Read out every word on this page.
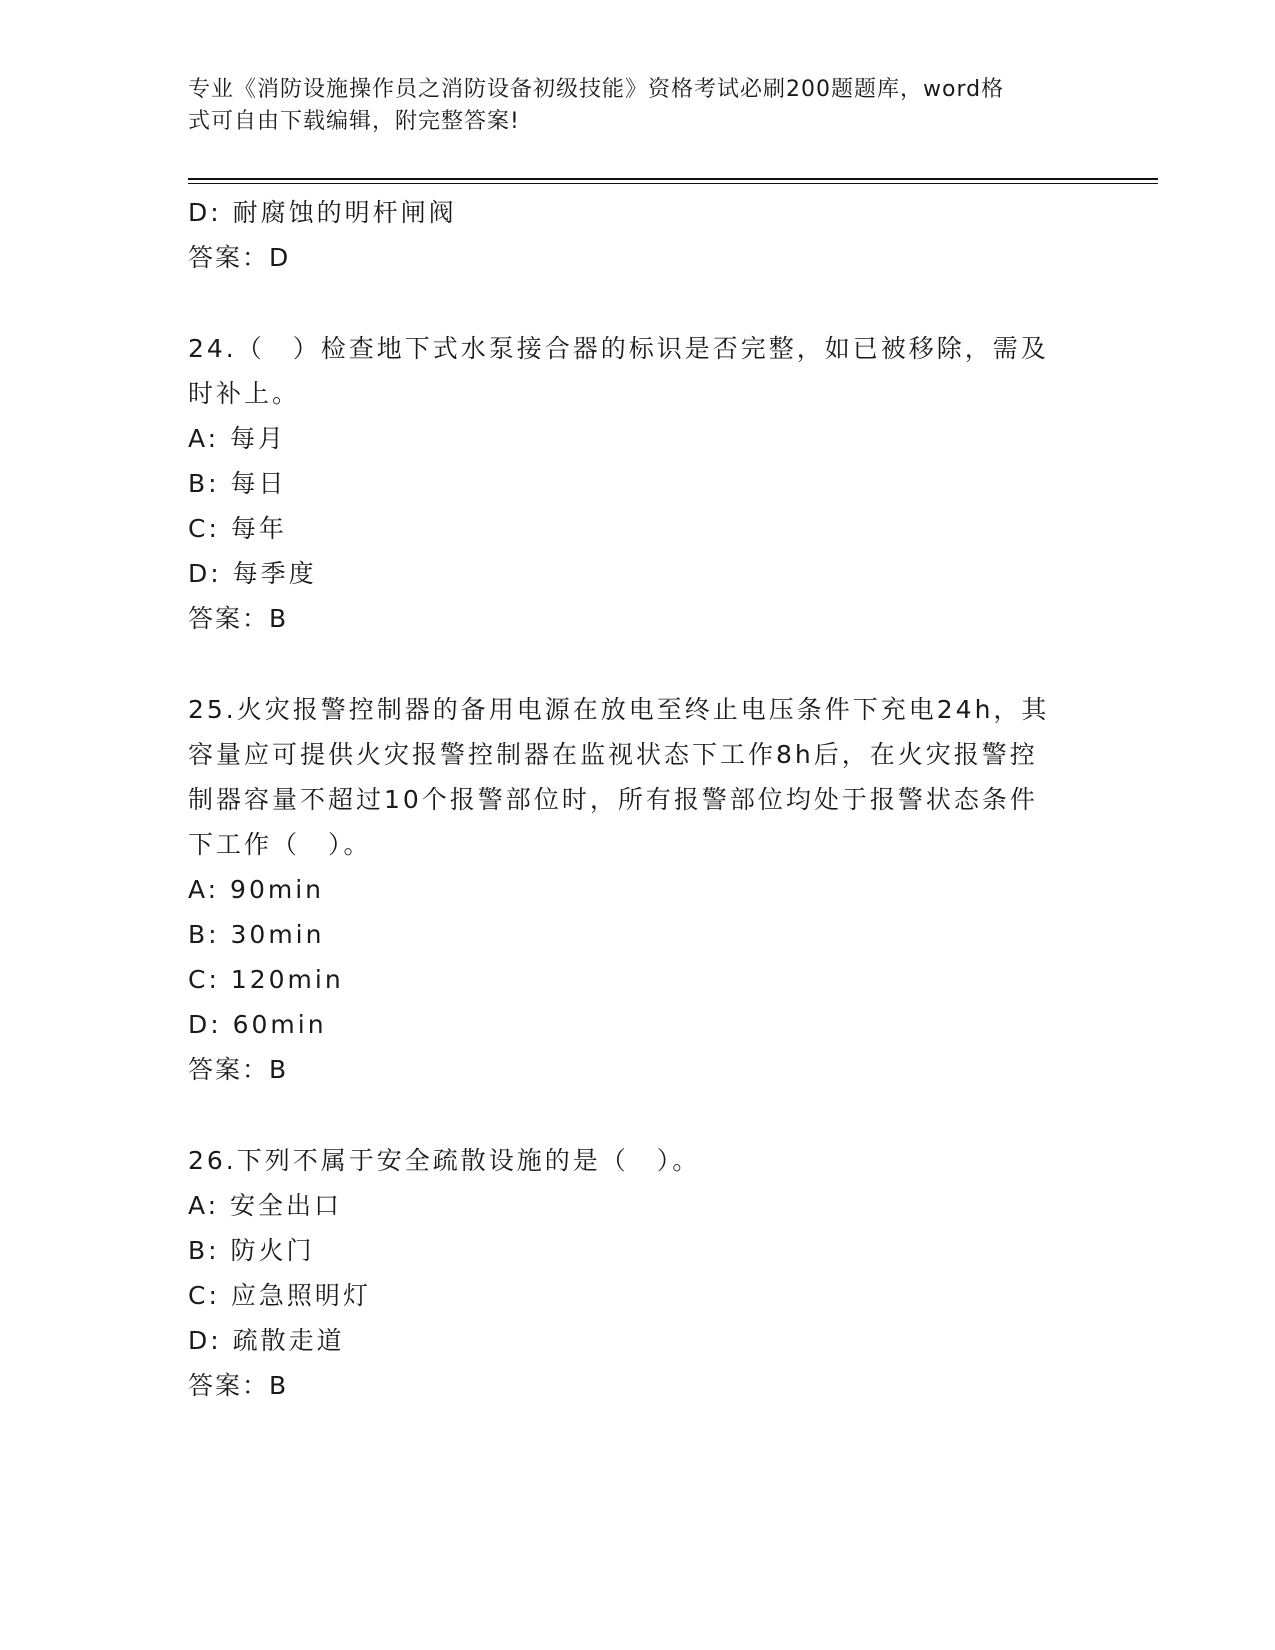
专业《消防设施操作员之消防设备初级技能》资格考试必刷200题题库，word格
式可自由下载编辑，附完整答案!
D: 耐腐蚀的明杆闸阀
答案：D
24.（　）检查地下式水泵接合器的标识是否完整，如已被移除，需及
时补上。
A: 每月
B: 每日
C: 每年
D: 每季度
答案：B
25.火灾报警控制器的备用电源在放电至终止电压条件下充电24h，其
容量应可提供火灾报警控制器在监视状态下工作8h后，在火灾报警控
制器容量不超过10个报警部位时，所有报警部位均处于报警状态条件
下工作（　）。
A: 90min
B: 30min
C: 120min
D: 60min
答案：B
26.下列不属于安全疏散设施的是（　）。
A: 安全出口
B: 防火门
C: 应急照明灯
D: 疏散走道
答案：B
